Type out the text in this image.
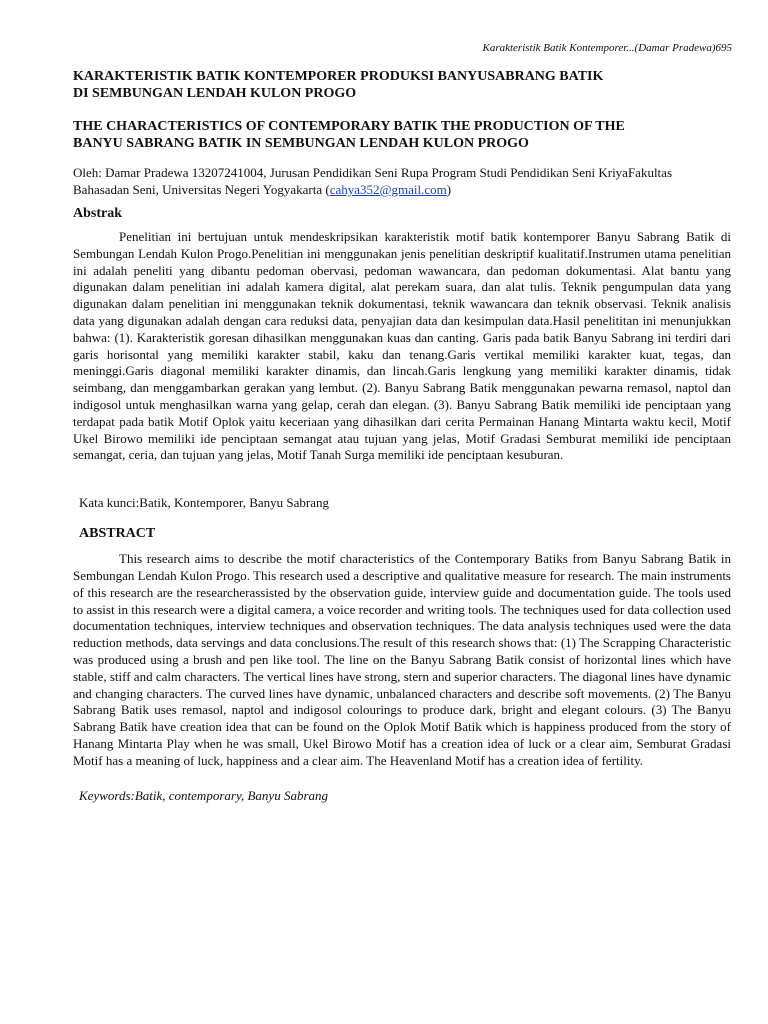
Karakteristik Batik Kontemporer...(Damar Pradewa)695
KARAKTERISTIK BATIK KONTEMPORER PRODUKSI BANYUSABRANG BATIK
DI SEMBUNGAN LENDAH KULON PROGO
THE CHARACTERISTICS OF CONTEMPORARY BATIK THE PRODUCTION OF THE
BANYU SABRANG BATIK IN SEMBUNGAN LENDAH KULON PROGO
Oleh: Damar Pradewa 13207241004, Jurusan Pendidikan Seni Rupa Program Studi Pendidikan Seni KriyaFakultas Bahasadan Seni, Universitas Negeri Yogyakarta (cahya352@gmail.com)
Abstrak

Penelitian ini bertujuan untuk mendeskripsikan karakteristik motif batik kontemporer Banyu Sabrang Batik di Sembungan Lendah Kulon Progo.Penelitian ini menggunakan jenis penelitian deskriptif kualitatif.Instrumen utama penelitian ini adalah peneliti yang dibantu pedoman obervasi, pedoman wawancara, dan pedoman dokumentasi. Alat bantu yang digunakan dalam penelitian ini adalah kamera digital, alat perekam suara, dan alat tulis. Teknik pengumpulan data yang digunakan dalam penelitian ini menggunakan teknik dokumentasi, teknik wawancara dan teknik observasi. Teknik analisis data yang digunakan adalah dengan cara reduksi data, penyajian data dan kesimpulan data.Hasil penelititan ini menunjukkan bahwa: (1). Karakteristik goresan dihasilkan menggunakan kuas dan canting. Garis pada batik Banyu Sabrang ini terdiri dari garis horisontal yang memiliki karakter stabil, kaku dan tenang.Garis vertikal memiliki karakter kuat, tegas, dan meninggi.Garis diagonal memiliki karakter dinamis, dan lincah.Garis lengkung yang memiliki karakter dinamis, tidak seimbang, dan menggambarkan gerakan yang lembut. (2). Banyu Sabrang Batik menggunakan pewarna remasol, naptol dan indigosol untuk menghasilkan warna yang gelap, cerah dan elegan. (3). Banyu Sabrang Batik memiliki ide penciptaan yang terdapat pada batik Motif Oplok yaitu keceriaan yang dihasilkan dari cerita Permainan Hanang Mintarta waktu kecil, Motif Ukel Birowo memiliki ide penciptaan semangat atau tujuan yang jelas, Motif Gradasi Semburat memiliki ide penciptaan semangat, ceria, dan tujuan yang jelas, Motif Tanah Surga memiliki ide penciptaan kesuburan.

Kata kunci:Batik, Kontemporer, Banyu Sabrang
ABSTRACT

This research aims to describe the motif characteristics of the Contemporary Batiks from Banyu Sabrang Batik in Sembungan Lendah Kulon Progo. This research used a descriptive and qualitative measure for research. The main instruments of this research are the researcherassisted by the observation guide, interview guide and documentation guide. The tools used to assist in this research were a digital camera, a voice recorder and writing tools. The techniques used for data collection used documentation techniques, interview techniques and observation techniques. The data analysis techniques used were the data reduction methods, data servings and data conclusions.The result of this research shows that: (1) The Scrapping Characteristic was produced using a brush and pen like tool. The line on the Banyu Sabrang Batik consist of horizontal lines which have stable, stiff and calm characters. The vertical lines have strong, stern and superior characters. The diagonal lines have dynamic and changing characters. The curved lines have dynamic, unbalanced characters and describe soft movements. (2) The Banyu Sabrang Batik uses remasol, naptol and indigosol colourings to produce dark, bright and elegant colours. (3) The Banyu Sabrang Batik have creation idea that can be found on the Oplok Motif Batik which is happiness produced from the story of Hanang Mintarta Play when he was small, Ukel Birowo Motif has a creation idea of luck or a clear aim, Semburat Gradasi Motif has a meaning of luck, happiness and a clear aim. The Heavenland Motif has a creation idea of fertility.

Keywords:Batik, contemporary, Banyu Sabrang
